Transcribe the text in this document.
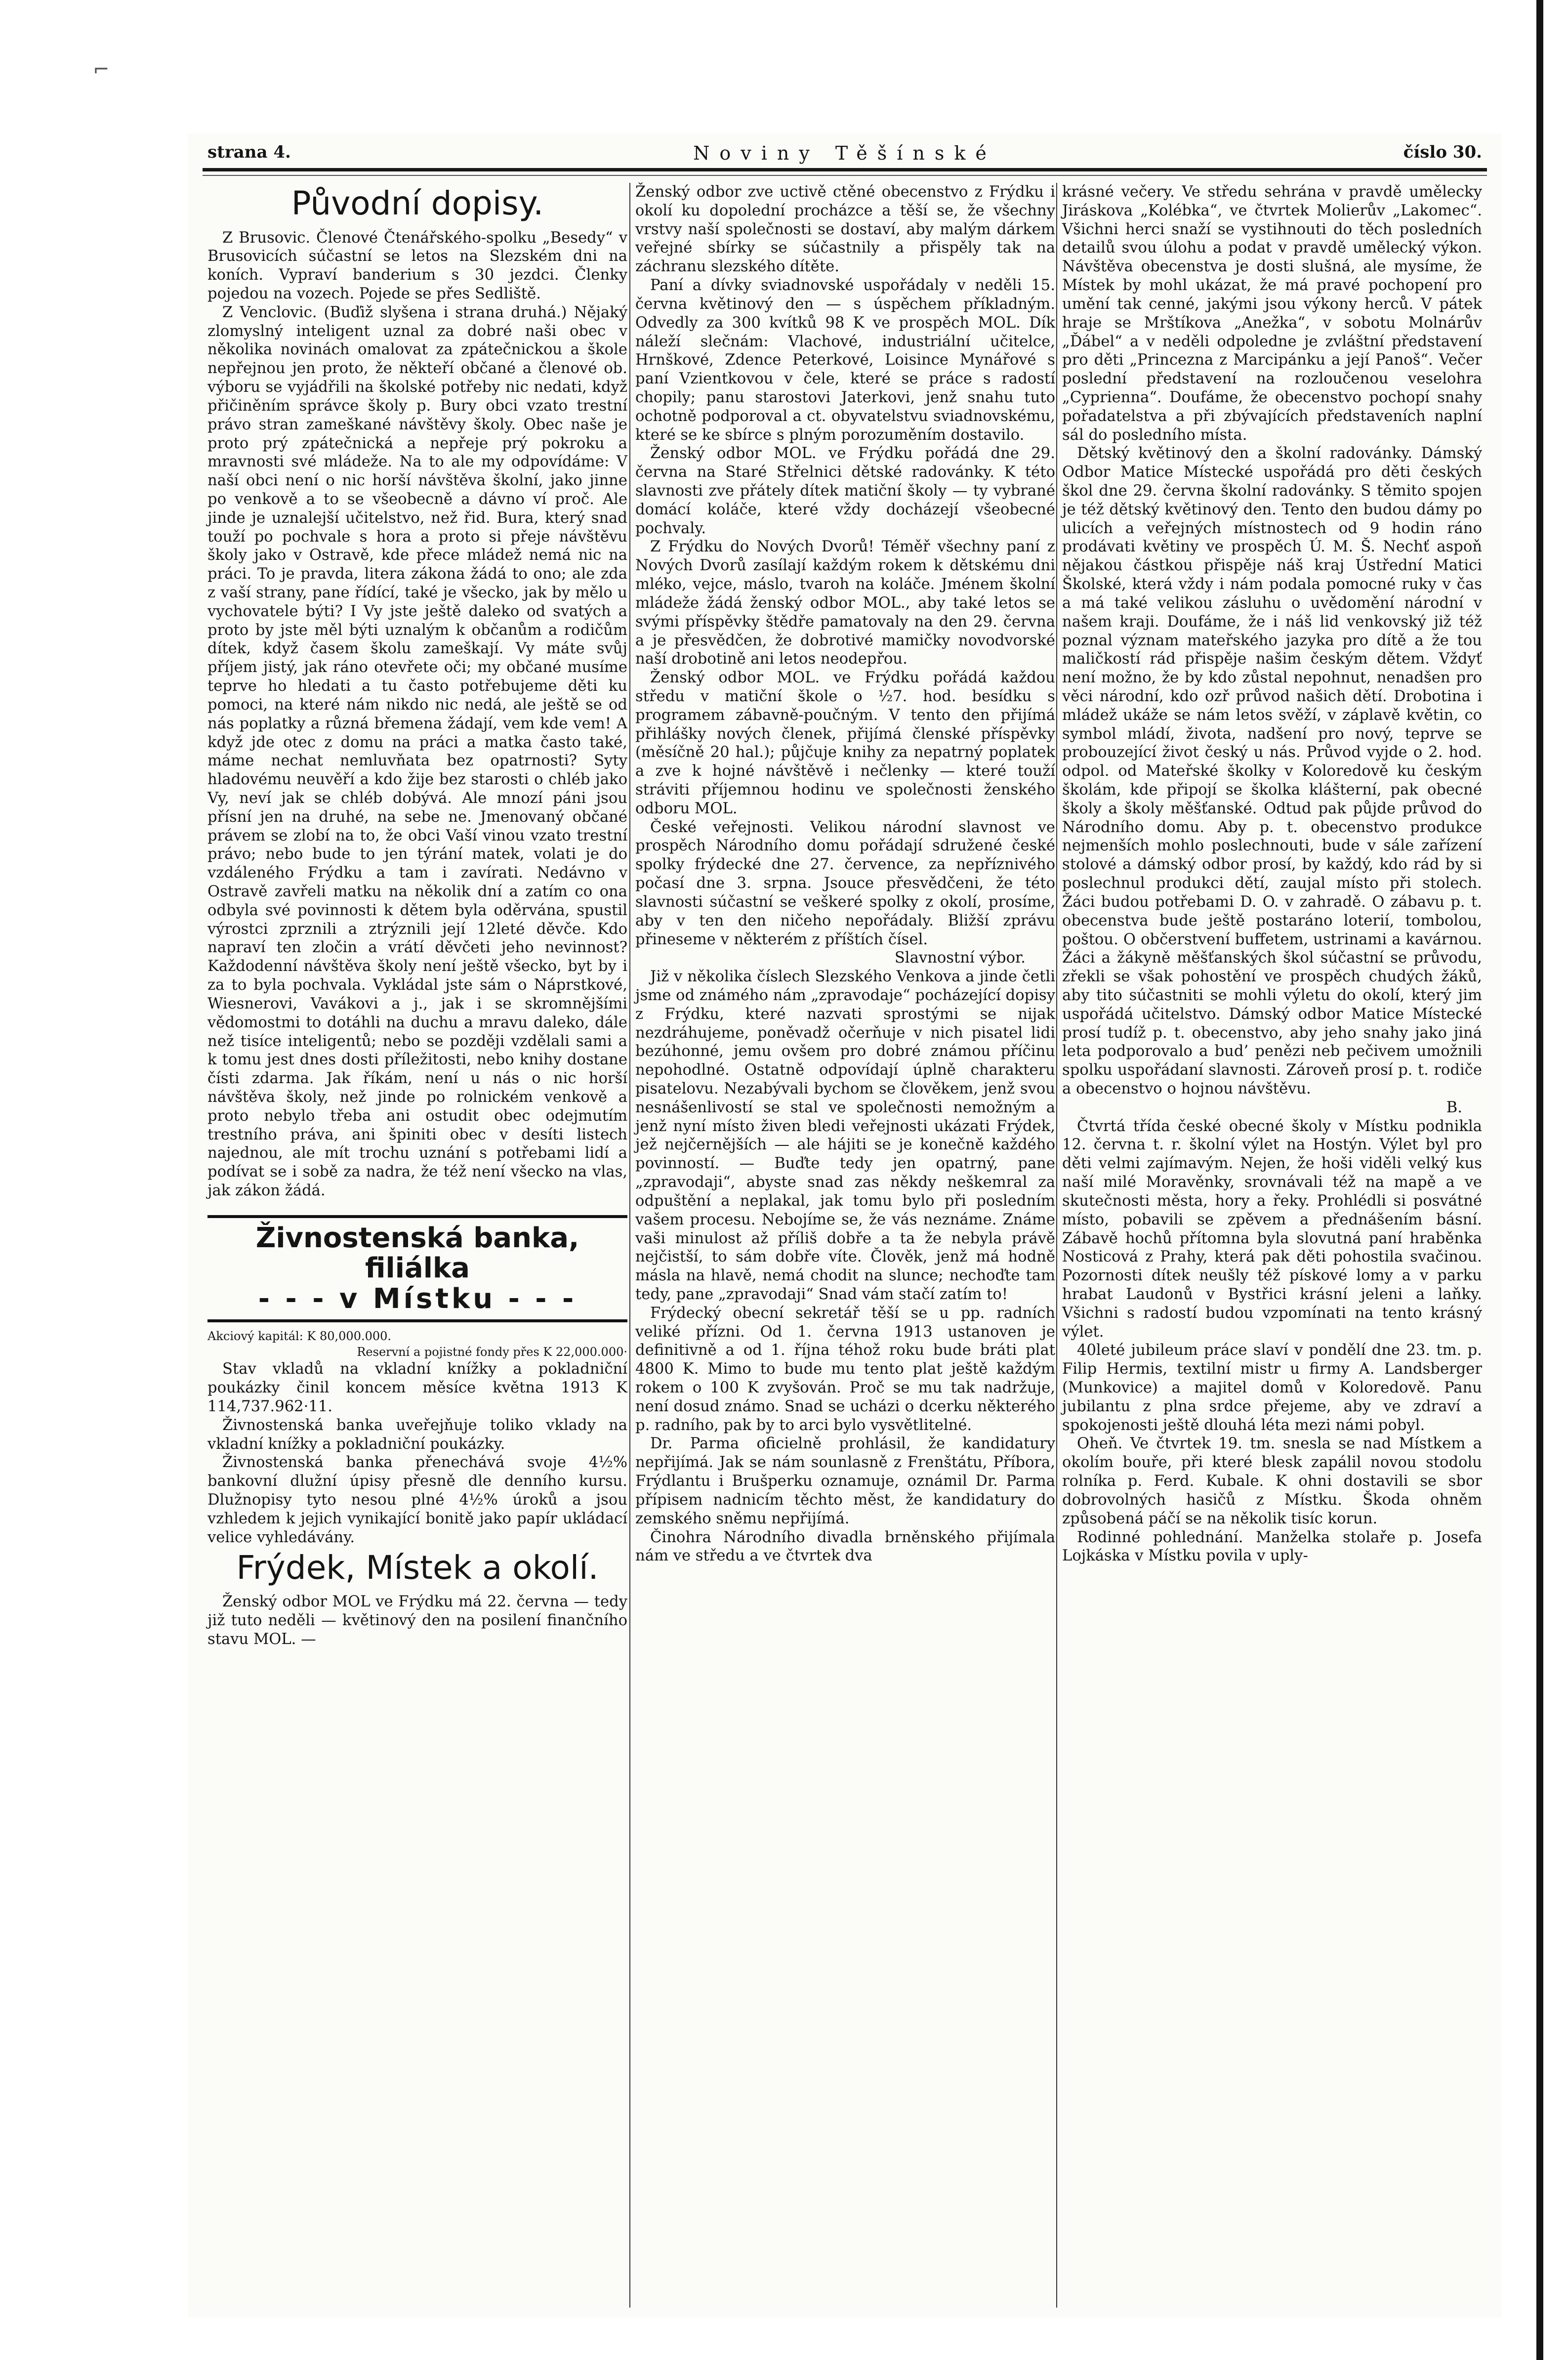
⌐
strana 4.	Noviny Těšínské	číslo 30.
Původní dopisy.

Z Brusovic. Členové Čtenářského-spolku „Besedy“ v Brusovicích súčastní se letos na Slezském dni na koních. Vypraví banderium s 30 jezdci. Členky pojedou na vozech. Pojede se přes Sedliště.

Z Venclovic. (Buďiž slyšena i strana druhá.) Nějaký zlomyslný inteligent uznal za dobré naši obec v několika novinách omalovat za zpátečnickou a škole nepřejnou jen proto, že někteří občané a členové ob. výboru se vyjádřili na školské potřeby nic nedati, když přičiněním správce školy p. Bury obci vzato trestní právo stran zameškané návštěvy školy. Obec naše je proto prý zpátečnická a nepřeje prý pokroku a mravnosti své mládeže. Na to ale my odpovídáme: V naší obci není o nic horší návštěva školní, jako jinne po venkově a to se všeobecně a dávno ví proč. Ale jinde je uznalejší učitelstvo, než řid. Bura, který snad touží po pochvale s hora a proto si přeje návštěvu školy jako v Ostravě, kde přece mládež nemá nic na práci. To je pravda, litera zákona žádá to ono; ale zda z vaší strany, pane řídící, také je všecko, jak by mělo u vychovatele býti? I Vy jste ještě daleko od svatých a proto by jste měl býti uznalým k občanům a rodičům dítek, když časem školu zameškají. Vy máte svůj příjem jistý, jak ráno otevřete oči; my občané musíme teprve ho hledati a tu často potřebujeme děti ku pomoci, na které nám nikdo nic nedá, ale ještě se od nás poplatky a různá břemena žádají, vem kde vem! A když jde otec z domu na práci a matka často také, máme nechat nemluvňata bez opatrnosti? Syty hladovému neuvěří a kdo žije bez starosti o chléb jako Vy, neví jak se chléb dobývá. Ale mnozí páni jsou přísní jen na druhé, na sebe ne. Jmenovaný občané právem se zlobí na to, že obci Vaší vinou vzato trestní právo; nebo bude to jen týrání matek, volati je do vzdáleného Frýdku a tam i zavírati. Nedávno v Ostravě zavřeli matku na několik dní a zatím co ona odbyla své povinnosti k dětem byla oděrvána, spustil výrostci zprznili a ztrýznili její 12leté děvče. Kdo napraví ten zločin a vrátí děvčeti jeho nevinnost? Každodenní návštěva školy není ještě všecko, byt by i za to byla pochvala. Vykládal jste sám o Náprstkové, Wiesnerovi, Vavákovi a j., jak i se skromnějšími vědomostmi to dotáhli na duchu a mravu daleko, dále než tisíce inteligentů; nebo se později vzdělali sami a k tomu jest dnes dosti příležitosti, nebo knihy dostane čísti zdarma. Jak říkám, není u nás o nic horší návštěva školy, než jinde po rolnickém venkově a proto nebylo třeba ani ostudit obec odejmutím trestního práva, ani špiniti obec v desíti listech najednou, ale mít trochu uznání s potřebami lidí a podívat se i sobě za nadra, že též není všecko na vlas, jak zákon žádá.

Živnostenská banka, filiálka
- - - v Místku - - -

Akciový kapitál: K 80,000.000.

Reservní a pojistné fondy přes K 22,000.000·

Stav vkladů na vkladní knížky a pokladniční poukázky činil koncem měsíce května 1913 K 114,737.962·11.

Živnostenská banka uveřejňuje toliko vklady na vkladní knížky a pokladniční poukázky.

Živnostenská banka přenechává svoje 4½% bankovní dlužní úpisy přesně dle denního kursu. Dlužnopisy tyto nesou plné 4½% úroků a jsou vzhledem k jejich vynikající bonitě jako papír ukládací velice vyhledávány.

Frýdek, Místek a okolí.

Ženský odbor MOL ve Frýdku má 22. června — tedy již tuto neděli — květinový den na posilení finančního stavu MOL. —

Ženský odbor zve uctivě ctěné obecenstvo z Frýdku i okolí ku dopolední procházce a těší se, že všechny vrstvy naší společnosti se dostaví, aby malým dárkem veřejné sbírky se súčastnily a přispěly tak na záchranu slezského dítěte.

Paní a dívky sviadnovské uspořádaly v neděli 15. června květinový den — s úspěchem příkladným. Odvedly za 300 kvítků 98 K ve prospěch MOL. Dík náleží slečnám: Vlachové, industriální učitelce, Hrnškové, Zdence Peterkové, Loisince Mynářové s paní Vzientkovou v čele, které se práce s radostí chopily; panu starostovi Jaterkovi, jenž snahu tuto ochotně podporoval a ct. obyvatelstvu sviadnovskému, které se ke sbírce s plným porozuměním dostavilo.

Ženský odbor MOL. ve Frýdku pořádá dne 29. června na Staré Střelnici dětské radovánky. K této slavnosti zve přátely dítek matiční školy — ty vybrané domácí koláče, které vždy docházejí všeobecné pochvaly.

Z Frýdku do Nových Dvorů! Téměř všechny paní z Nových Dvorů zasílají každým rokem k dětskému dni mléko, vejce, máslo, tvaroh na koláče. Jménem školní mládeže žádá ženský odbor MOL., aby také letos se svými příspěvky štědře pamatovaly na den 29. června a je přesvědčen, že dobrotivé mamičky novodvorské naší drobotině ani letos neodepřou.

Ženský odbor MOL. ve Frýdku pořádá každou středu v matiční škole o ½7. hod. besídku s programem zábavně-poučným. V tento den přijímá přihlášky nových členek, přijímá členské příspěvky (měsíčně 20 hal.); půjčuje knihy za nepatrný poplatek a zve k hojné návštěvě i nečlenky — které touží stráviti příjemnou hodinu ve společnosti ženského odboru MOL.

České veřejnosti. Velikou národní slavnost ve prospěch Národního domu pořádají sdružené české spolky frýdecké dne 27. července, za nepříznivého počasí dne 3. srpna. Jsouce přesvědčeni, že této slavnosti súčastní se veškeré spolky z okolí, prosíme, aby v ten den ničeho nepořádaly. Bližší zprávu přineseme v některém z příštích čísel.

Slavnostní výbor.

Již v několika číslech Slezského Venkova a jinde četli jsme od známého nám „zpravodaje“ pocházející dopisy z Frýdku, které nazvati sprostými se nijak nezdráhujeme, poněvadž očerňuje v nich pisatel lidi bezúhonné, jemu ovšem pro dobré známou příčinu nepohodlné. Ostatně odpovídají úplně charakteru pisatelovu. Nezabývali bychom se člověkem, jenž svou nesnášenlivostí se stal ve společnosti nemožným a jenž nyní místo živen bledi veřejnosti ukázati Frýdek, jež nejčernějších — ale hájiti se je konečně každého povinností. — Buďte tedy jen opatrný, pane „zpravodaji“, abyste snad zas někdy neškemral za odpuštění a neplakal, jak tomu bylo při posledním vašem procesu. Nebojíme se, že vás neznáme. Známe vaši minulost až příliš dobře a ta že nebyla právě nejčistší, to sám dobře víte. Člověk, jenž má hodně másla na hlavě, nemá chodit na slunce; nechoďte tam tedy, pane „zpravodaji“ Snad vám stačí zatím to!

Frýdecký obecní sekretář těší se u pp. radních veliké přízni. Od 1. června 1913 ustanoven je definitivně a od 1. října téhož roku bude bráti plat 4800 K. Mimo to bude mu tento plat ještě každým rokem o 100 K zvyšován. Proč se mu tak nadržuje, není dosud známo. Snad se ucházi o dcerku některého p. radního, pak by to arci bylo vysvětlitelné.

Dr. Parma oficielně prohlásil, že kandidatury nepřijímá. Jak se nám sounlasně z Frenštátu, Příbora, Frýdlantu i Brušperku oznamuje, oznámil Dr. Parma přípisem nadnicím těchto měst, že kandidatury do zemského sněmu nepřijímá.

Činohra Národního divadla brněnského přijímala nám ve středu a ve čtvrtek dva

krásné večery. Ve středu sehrána v pravdě umělecky Jiráskova „Kolébka“, ve čtvrtek Molierův „Lakomec“. Všichni herci snaží se vystihnouti do těch posledních detailů svou úlohu a podat v pravdě umělecký výkon. Návštěva obecenstva je dosti slušná, ale mysíme, že Místek by mohl ukázat, že má pravé pochopení pro umění tak cenné, jakými jsou výkony herců. V pátek hraje se Mrštíkova „Anežka“, v sobotu Molnárův „Ďábel“ a v neděli odpoledne je zvláštní představení pro děti „Princezna z Marcipánku a její Panoš“. Večer poslední představení na rozloučenou veselohra „Cyprienna“. Doufáme, že obecenstvo pochopí snahy pořadatelstva a při zbývajících představeních naplní sál do posledního místa.

Dětský květinový den a školní radovánky. Dámský Odbor Matice Místecké uspořádá pro děti českých škol dne 29. června školní radovánky. S těmito spojen je též dětský květinový den. Tento den budou dámy po ulicích a veřejných místnostech od 9 hodin ráno prodávati květiny ve prospěch Ú. M. Š. Nechť aspoň nějakou částkou přispěje náš kraj Ústřední Matici Školské, která vždy i nám podala pomocné ruky v čas a má také velikou zásluhu o uvědomění národní v našem kraji. Doufáme, že i náš lid venkovský již též poznal význam mateřského jazyka pro dítě a že tou maličkostí rád přispěje našim českým dětem. Vždyť není možno, že by kdo zůstal nepohnut, nenadšen pro věci národní, kdo ozř průvod našich dětí. Drobotina i mládež ukáže se nám letos svěží, v záplavě květin, co symbol mládí, života, nadšení pro nový, teprve se probouzející život český u nás. Průvod vyjde o 2. hod. odpol. od Mateřské školky v Koloredově ku českým školám, kde připojí se školka klášterní, pak obecné školy a školy měšťanské. Odtud pak půjde průvod do Národního domu. Aby p. t. obecenstvo produkce nejmenších mohlo poslechnouti, bude v sále zařízení stolové a dámský odbor prosí, by každý, kdo rád by si poslechnul produkci dětí, zaujal místo při stolech. Žáci budou potřebami D. O. v zahradě. O zábavu p. t. obecenstva bude ještě postaráno loterií, tombolou, poštou. O občerstvení buffetem, ustrinami a kavárnou. Žáci a žákyně měšťanských škol súčastní se průvodu, zřekli se však pohostění ve prospěch chudých žáků, aby tito súčastniti se mohli výletu do okolí, který jim uspořádá učitelstvo. Dámský odbor Matice Místecké prosí tudíž p. t. obecenstvo, aby jeho snahy jako jiná leta podporovalo a bud’ penězi neb pečivem umožnili spolku uspořádaní slavnosti. Zároveň prosí p. t. rodiče a obecenstvo o hojnou návštěvu.

B.

Čtvrtá třída české obecné školy v Místku podnikla 12. června t. r. školní výlet na Hostýn. Výlet byl pro děti velmi zajímavým. Nejen, že hoši viděli velký kus naší milé Moravěnky, srovnávali též na mapě a ve skutečnosti města, hory a řeky. Prohlédli si posvátné místo, pobavili se zpěvem a přednášením básní. Zábavě hochů přítomna byla slovutná paní hraběnka Nosticová z Prahy, která pak děti pohostila svačinou. Pozornosti dítek neušly též pískové lomy a v parku hrabat Laudonů v Bystřici krásní jeleni a laňky. Všichni s radostí budou vzpomínati na tento krásný výlet.

40leté jubileum práce slaví v pondělí dne 23. tm. p. Filip Hermis, textilní mistr u firmy A. Landsberger (Munkovice) a majitel domů v Koloredově. Panu jubilantu z plna srdce přejeme, aby ve zdraví a spokojenosti ještě dlouhá léta mezi námi pobyl.

Oheň. Ve čtvrtek 19. tm. snesla se nad Místkem a okolím bouře, při které blesk zapálil novou stodolu rolníka p. Ferd. Kubale. K ohni dostavili se sbor dobrovolných hasičů z Místku. Škoda ohněm způsobená páčí se na několik tisíc korun.

Rodinné pohlednání. Manželka stolaře p. Josefa Lojkáska v Místku povila v uply-
